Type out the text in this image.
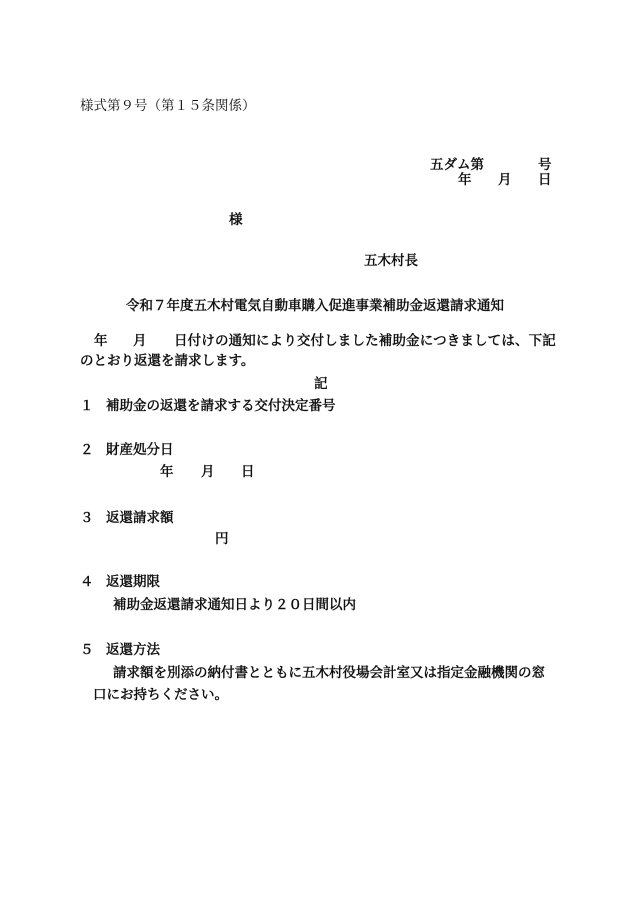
様式第９号（第１５条関係）
五ダム第	号
年 月 日
様
五木村長
令和７年度五木村電気自動車購入促進事業補助金返還請求通知
年 月 日付けの通知により交付しました補助金につきましては、下記
のとおり返還を請求します。
記
１ 補助金の返還を請求する交付決定番号
２ 財産処分日
年 月 日
３ 返還請求額
円
４ 返還期限
補助金返還請求通知日より２０日間以内
５ 返還方法
請求額を別添の納付書とともに五木村役場会計室又は指定金融機関の窓
口にお持ちください。
